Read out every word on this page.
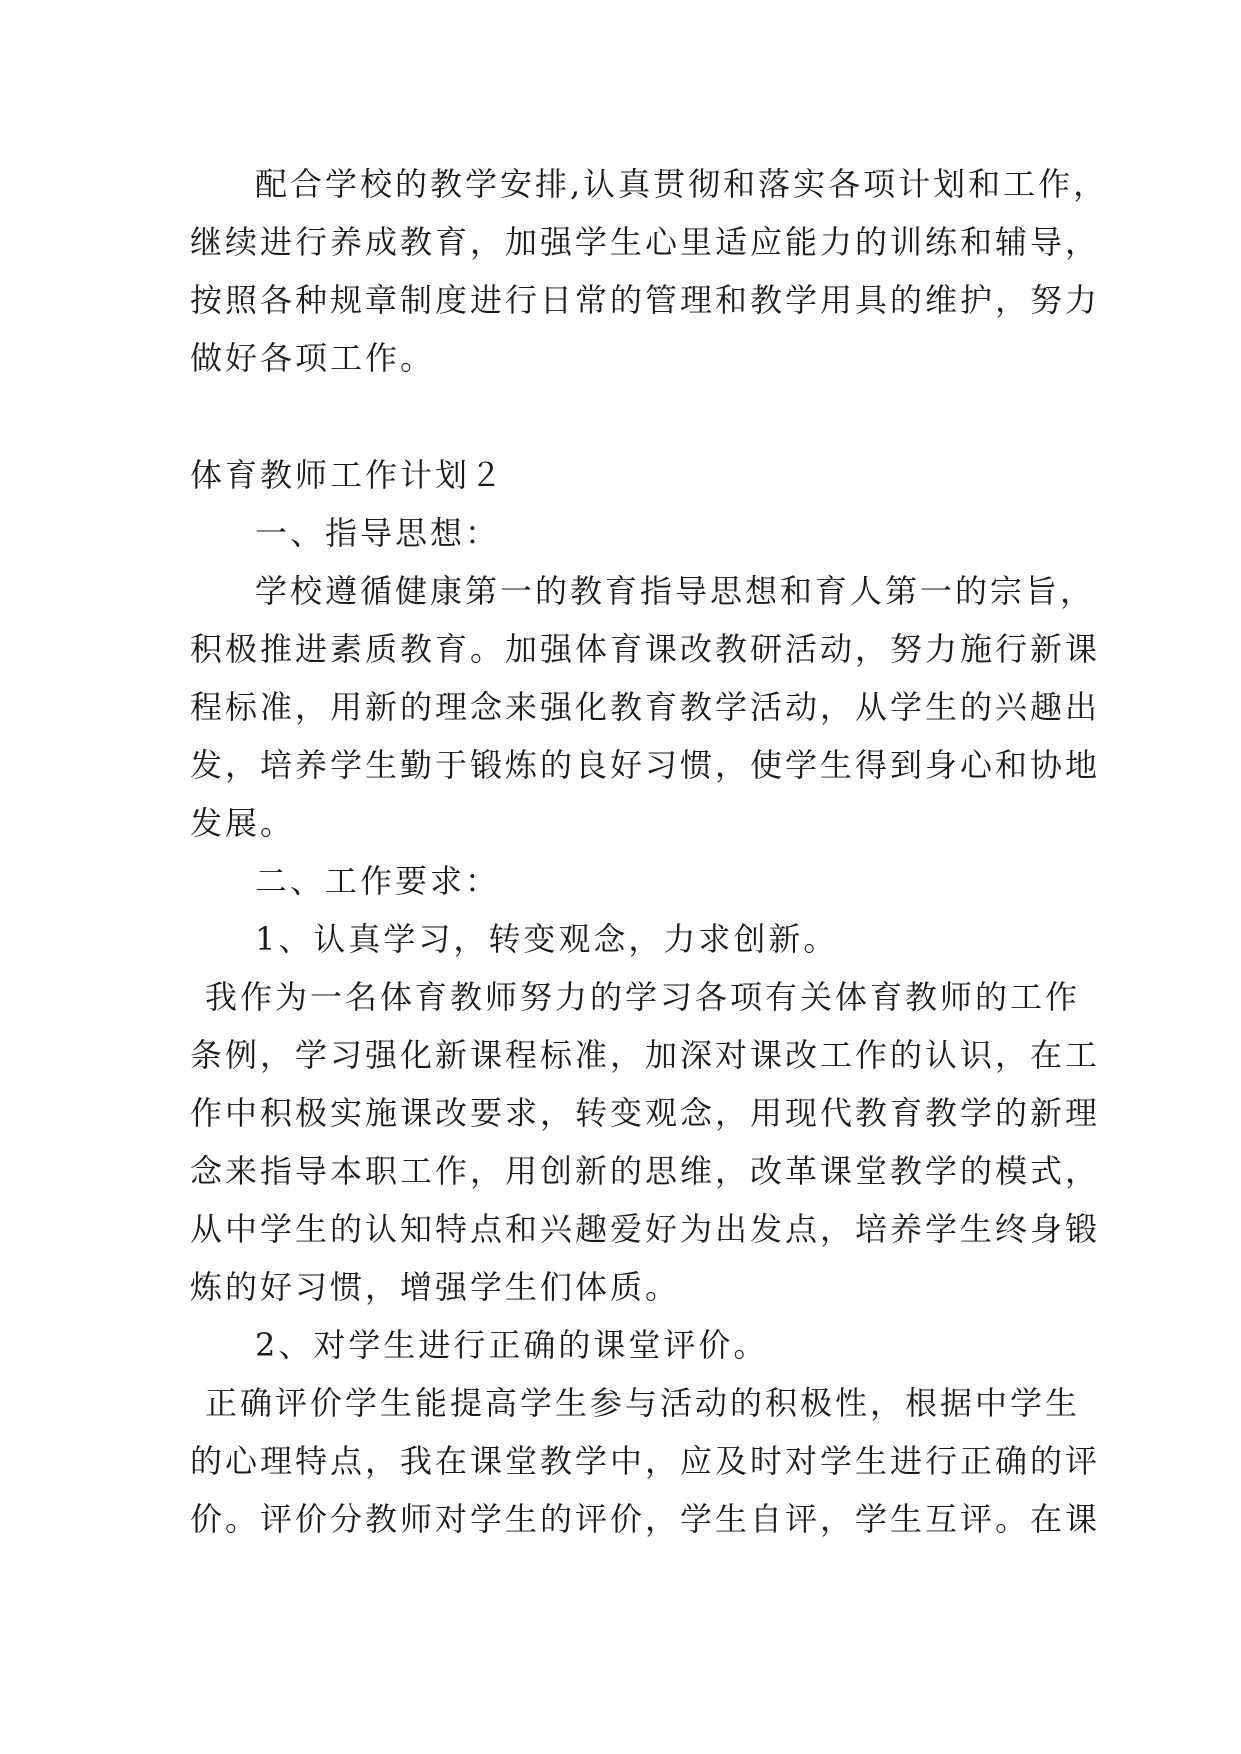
配合学校的教学安排,认真贯彻和落实各项计划和工作，
继续进行养成教育，加强学生心里适应能力的训练和辅导，
按照各种规章制度进行日常的管理和教学用具的维护，努力
做好各项工作。
体育教师工作计划２
一、指导思想：
学校遵循健康第一的教育指导思想和育人第一的宗旨，
积极推进素质教育。加强体育课改教研活动，努力施行新课
程标准，用新的理念来强化教育教学活动，从学生的兴趣出
发，培养学生勤于锻炼的良好习惯，使学生得到身心和协地
发展。
二、工作要求：
1、认真学习，转变观念，力求创新。
我作为一名体育教师努力的学习各项有关体育教师的工作
条例，学习强化新课程标准，加深对课改工作的认识，在工
作中积极实施课改要求，转变观念，用现代教育教学的新理
念来指导本职工作，用创新的思维，改革课堂教学的模式，
从中学生的认知特点和兴趣爱好为出发点，培养学生终身锻
炼的好习惯，增强学生们体质。
2、对学生进行正确的课堂评价。
正确评价学生能提高学生参与活动的积极性，根据中学生
的心理特点，我在课堂教学中，应及时对学生进行正确的评
价。评价分教师对学生的评价，学生自评，学生互评。在课
